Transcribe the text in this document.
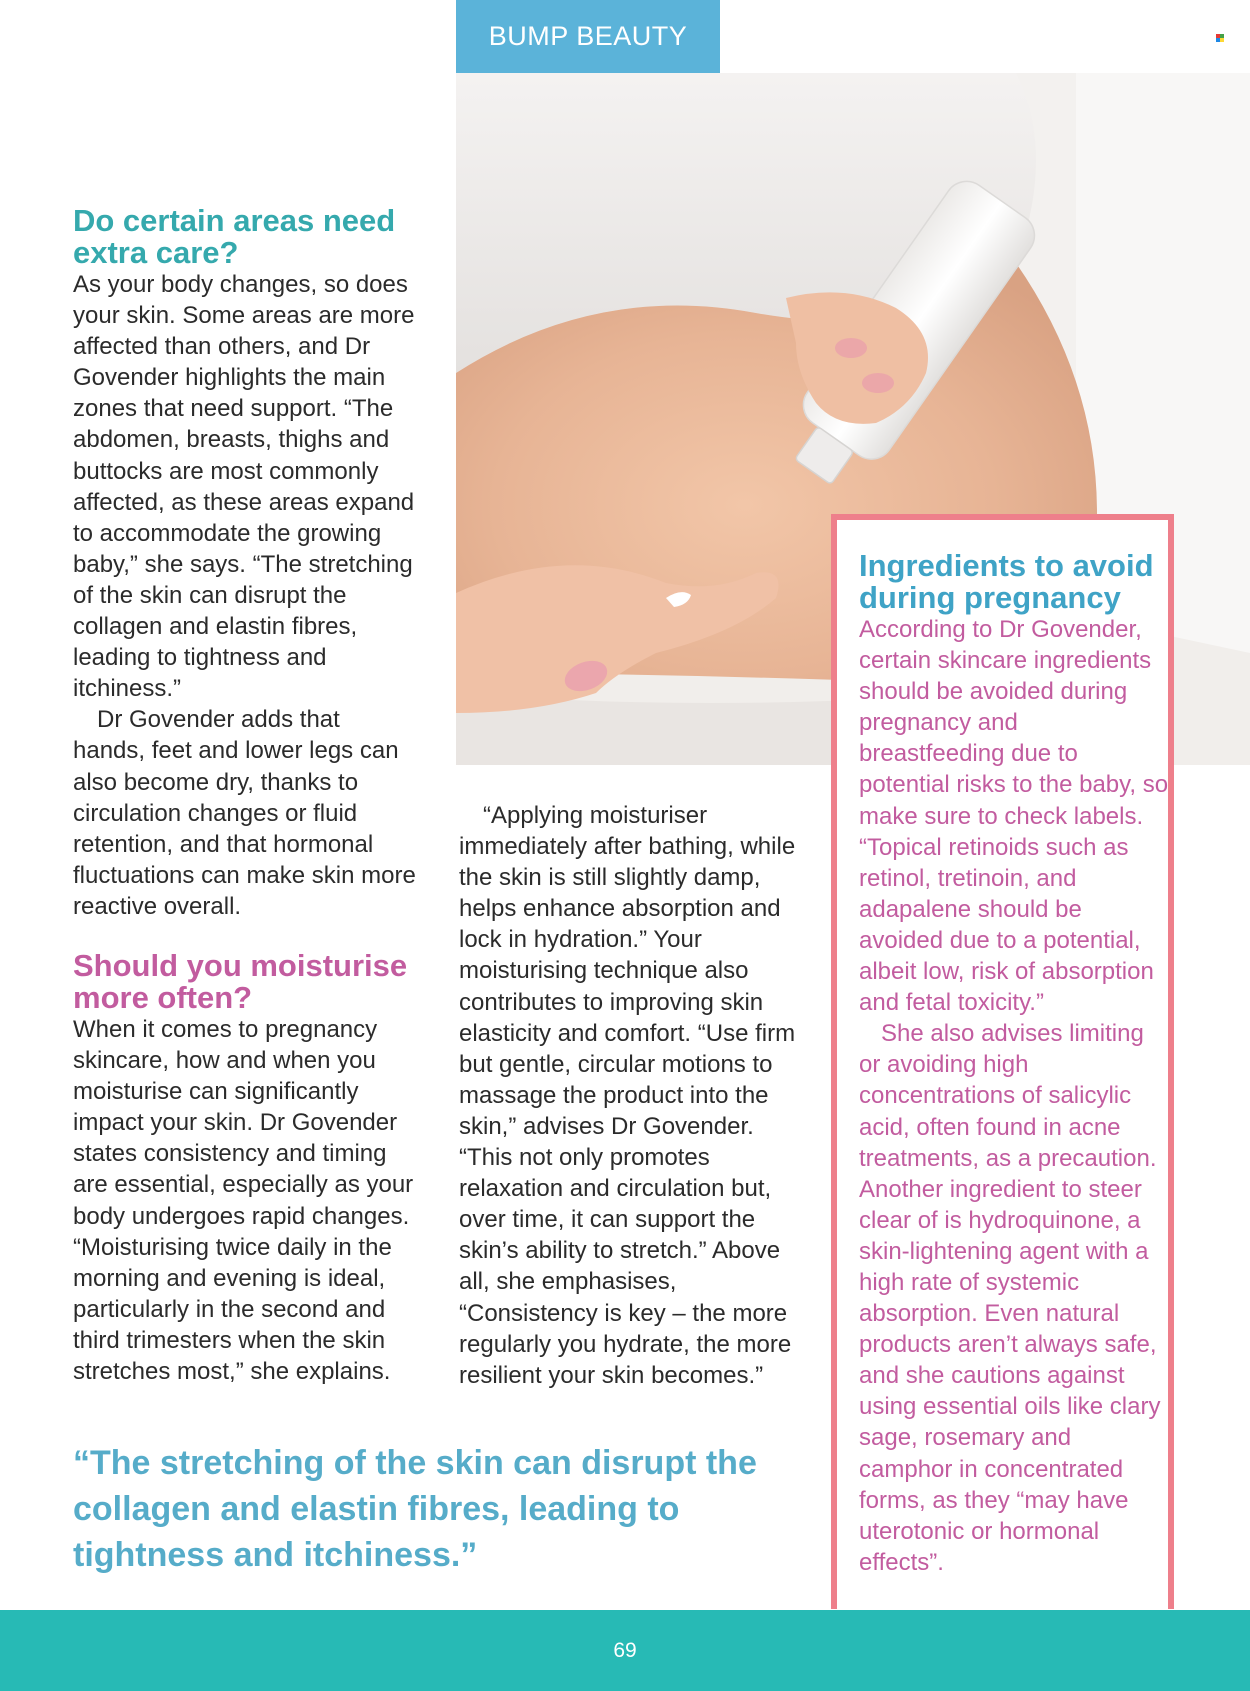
BUMP BEAUTY
Do certain areas need extra care?

As your body changes, so does your skin. Some areas are more affected than others, and Dr Govender highlights the main zones that need support. “The abdomen, breasts, thighs and buttocks are most commonly affected, as these areas expand to accommodate the growing baby,” she says. “The stretching of the skin can disrupt the collagen and elastin fibres, leading to tightness and itchiness.”

Dr Govender adds that hands, feet and lower legs can also become dry, thanks to circulation changes or fluid retention, and that hormonal fluctuations can make skin more reactive overall.

Should you moisturise more often?

When it comes to pregnancy skincare, how and when you moisturise can significantly impact your skin. Dr Govender states consistency and timing are essential, especially as your body undergoes rapid changes. “Moisturising twice daily in the morning and evening is ideal, particularly in the second and third trimesters when the skin stretches most,” she explains.

“Applying moisturiser immediately after bathing, while the skin is still slightly damp, helps enhance absorption and lock in hydration.” Your moisturising technique also contributes to improving skin elasticity and comfort. “Use firm but gentle, circular motions to massage the product into the skin,” advises Dr Govender. “This not only promotes relaxation and circulation but, over time, it can support the skin’s ability to stretch.” Above all, she emphasises, “Consistency is key – the more regularly you hydrate, the more resilient your skin becomes.”

“The stretching of the skin can disrupt the collagen and elastin fibres, leading to tightness and itchiness.”

Ingredients to avoid during pregnancy

According to Dr Govender, certain skincare ingredients should be avoided during pregnancy and breastfeeding due to potential risks to the baby, so make sure to check labels. “Topical retinoids such as retinol, tretinoin, and adapalene should be avoided due to a potential, albeit low, risk of absorption and fetal toxicity.”

She also advises limiting or avoiding high concentrations of salicylic acid, often found in acne treatments, as a precaution. Another ingredient to steer clear of is hydroquinone, a skin-lightening agent with a high rate of systemic absorption. Even natural products aren’t always safe, and she cautions against using essential oils like clary sage, rosemary and camphor in concentrated forms, as they “may have uterotonic or hormonal effects”.

69
